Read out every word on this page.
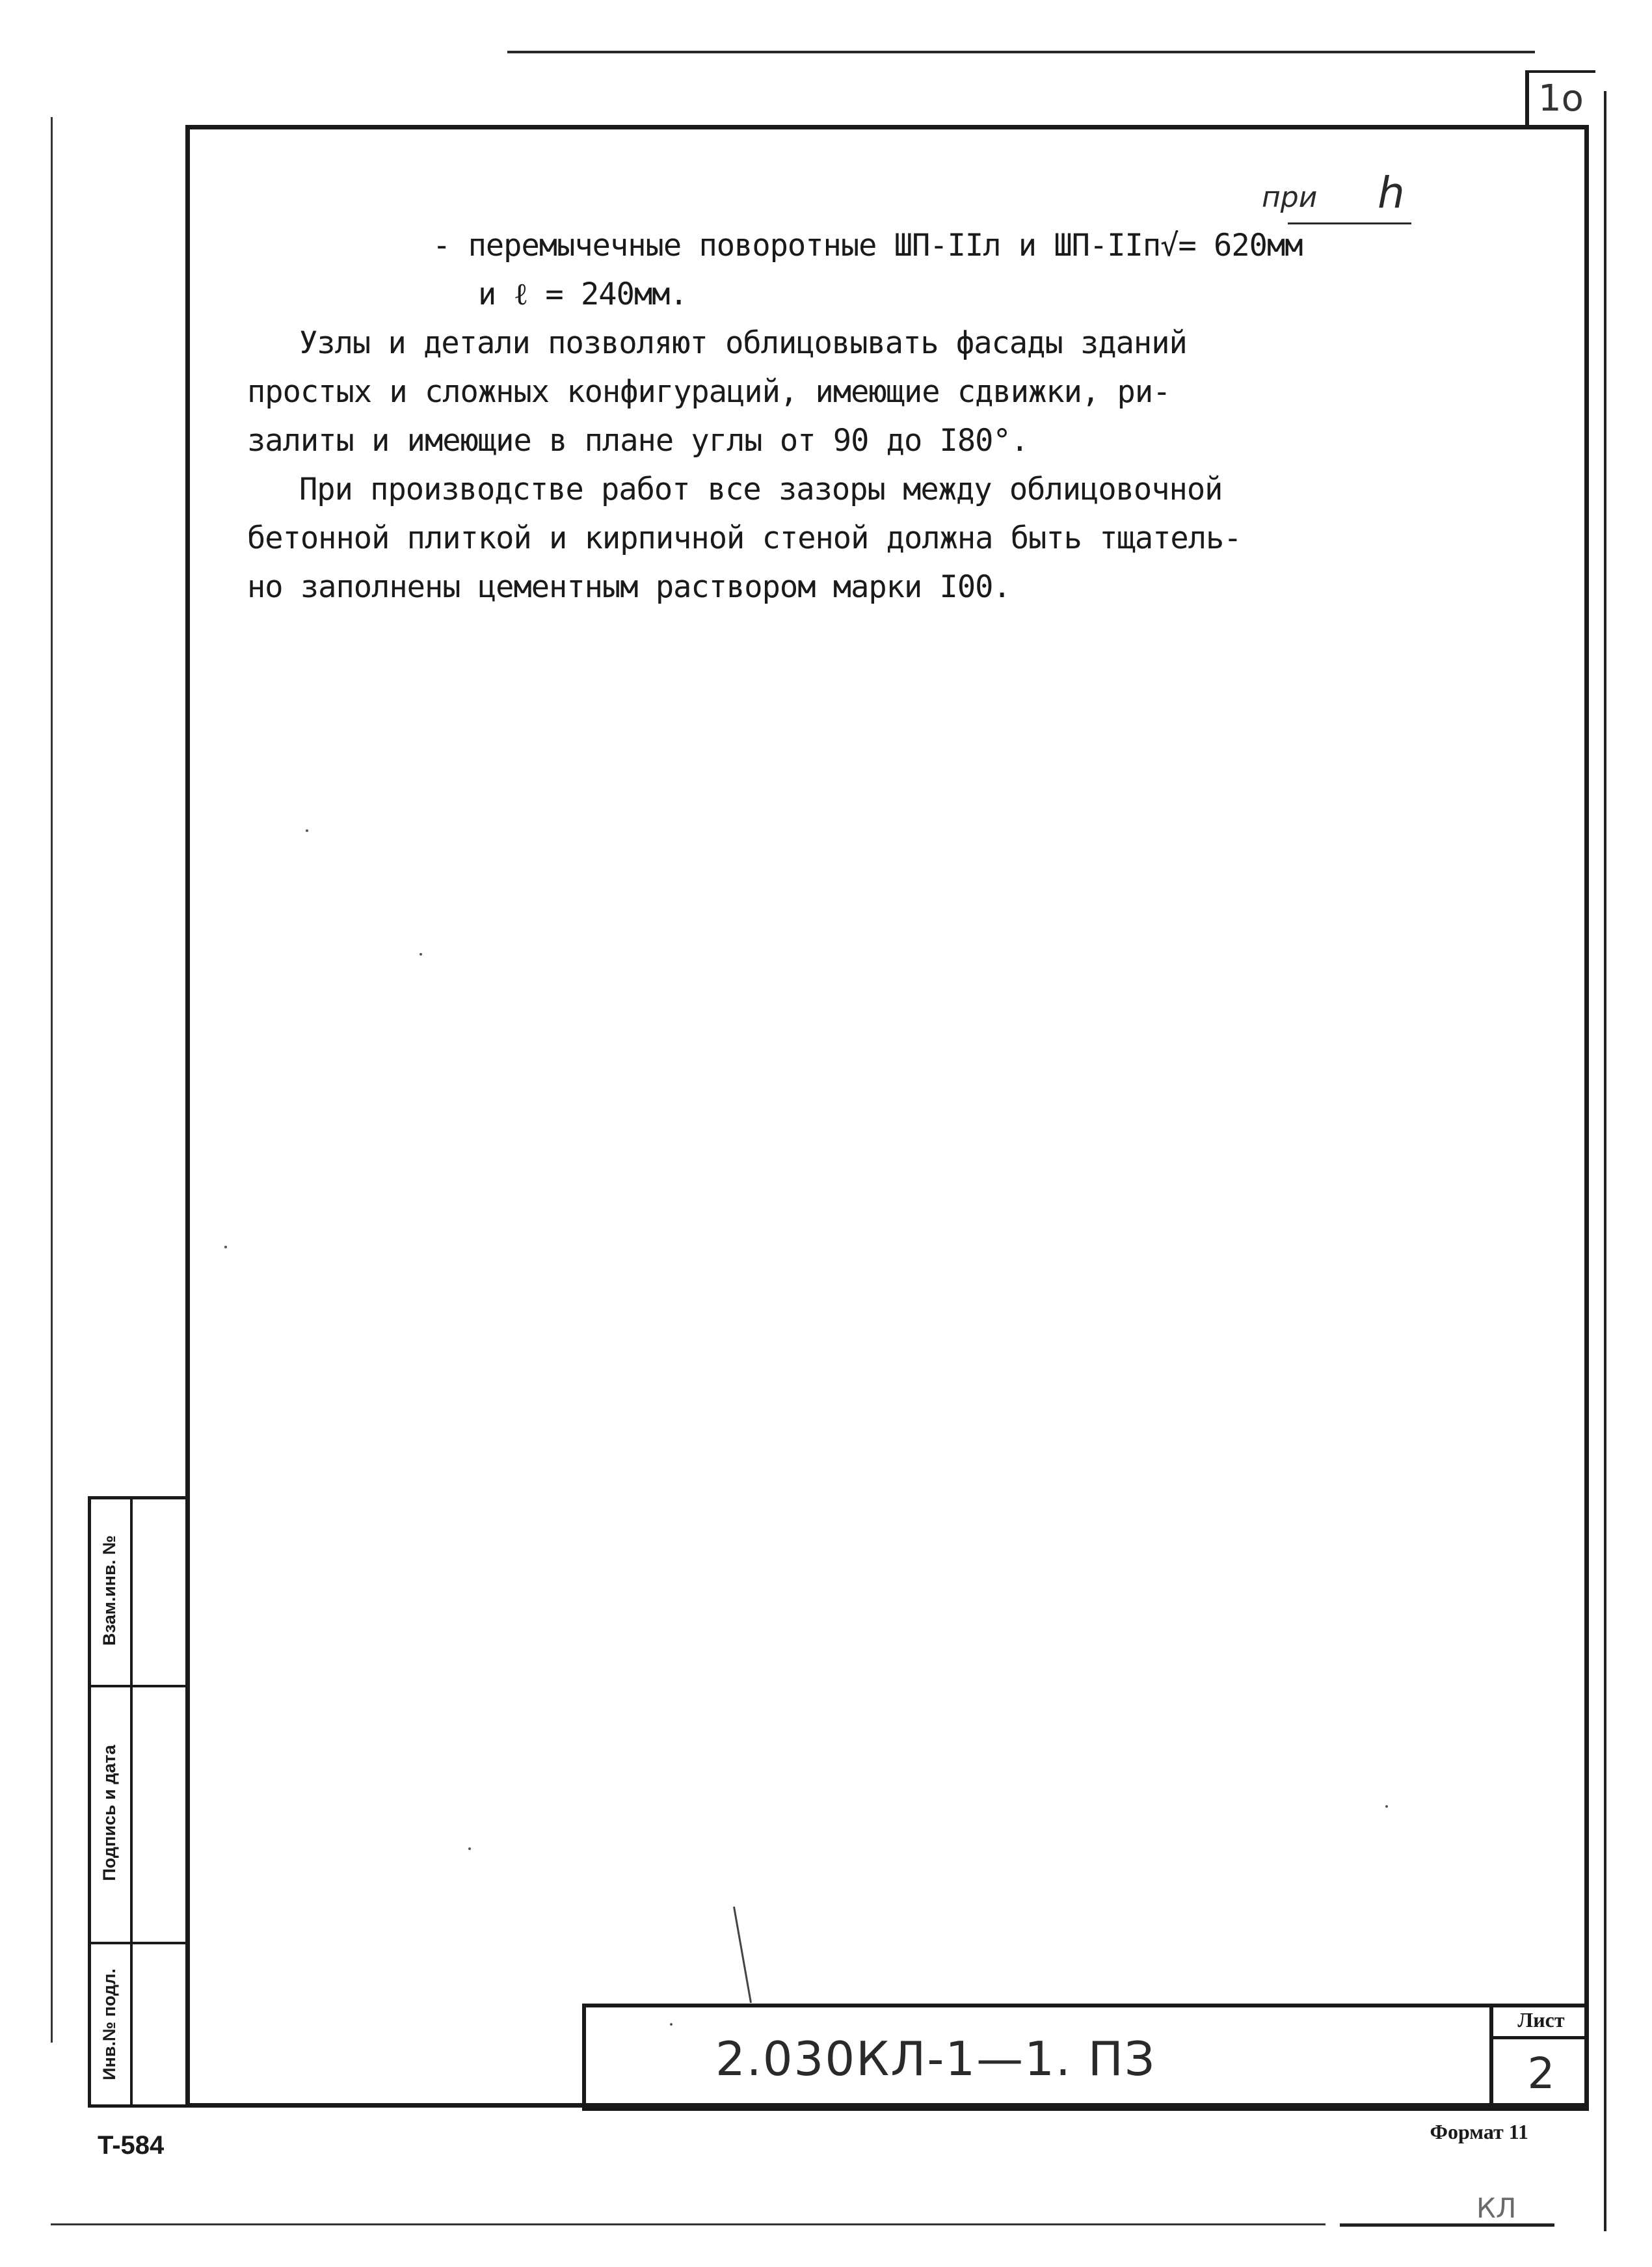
1о
при h
- перемычечные поворотные ШП-IIл и ШП-IIп√= 620мм
и ℓ = 240мм.
Узлы и детали позволяют облицовывать фасады зданий
простых и сложных конфигураций, имеющие сдвижки, ри-
залиты и имеющие в плане углы от 90 до I80°.
При производстве работ все зазоры между облицовочной
бетонной плиткой и кирпичной стеной должна быть тщатель-
но заполнены цементным раствором марки I00.
Взам.инв. №
Подпись и дата
Инв.№ подл.	2.030КЛ-1—1. ПЗ
Лист
2
Формат 11
T-584
КЛ
